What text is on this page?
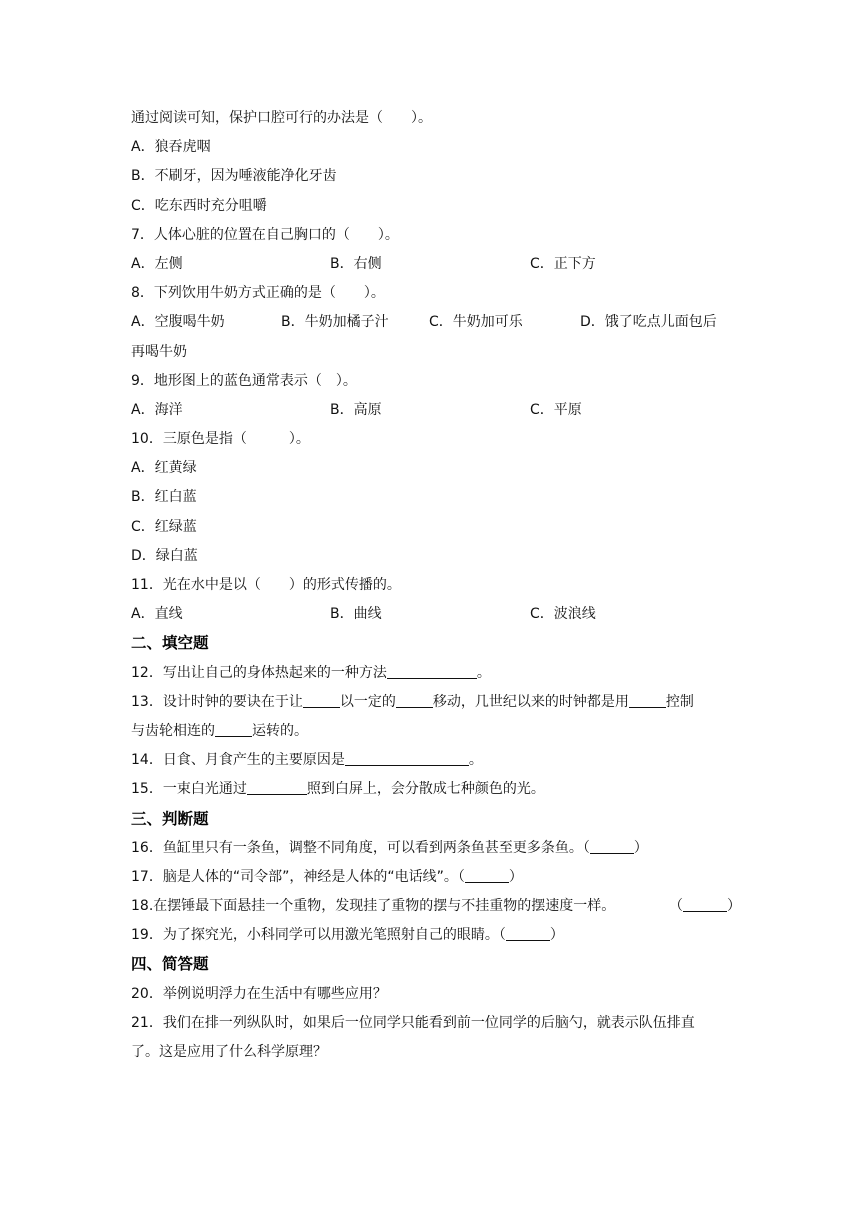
通过阅读可知，保护口腔可行的办法是（　　）。
A．狼吞虎咽
B．不刷牙，因为唾液能净化牙齿
C．吃东西时充分咀嚼
7．人体心脏的位置在自己胸口的（　　）。
A．左侧	B．右侧	C．正下方
8．下列饮用牛奶方式正确的是（　　）。
A．空腹喝牛奶	B．牛奶加橘子汁	C．牛奶加可乐	D．饿了吃点儿面包后
再喝牛奶
9．地形图上的蓝色通常表示（　）。
A．海洋	B．高原	C．平原
10．三原色是指（　　　）。
A．红黄绿
B．红白蓝
C．红绿蓝
D．绿白蓝
11．光在水中是以（　　）的形式传播的。
A．直线	B．曲线	C．波浪线
二、填空题
12．写出让自己的身体热起来的一种方法	。
13．设计时钟的要诀在于让	以一定的	移动，几世纪以来的时钟都是用	控制
与齿轮相连的	运转的。
14．日食、月食产生的主要原因是	。
15．一束白光通过	照到白屏上，会分散成七种颜色的光。
三、判断题
16．鱼缸里只有一条鱼，调整不同角度，可以看到两条鱼甚至更多条鱼。（	）
17．脑是人体的“司令部”，神经是人体的“电话线”。（	）
18.在摆锤最下面悬挂一个重物，发现挂了重物的摆与不挂重物的摆速度一样。	（	）
19．为了探究光，小科同学可以用激光笔照射自己的眼睛。（	）
四、简答题
20．举例说明浮力在生活中有哪些应用？
21．我们在排一列纵队时，如果后一位同学只能看到前一位同学的后脑勺，就表示队伍排直
了。这是应用了什么科学原理？
